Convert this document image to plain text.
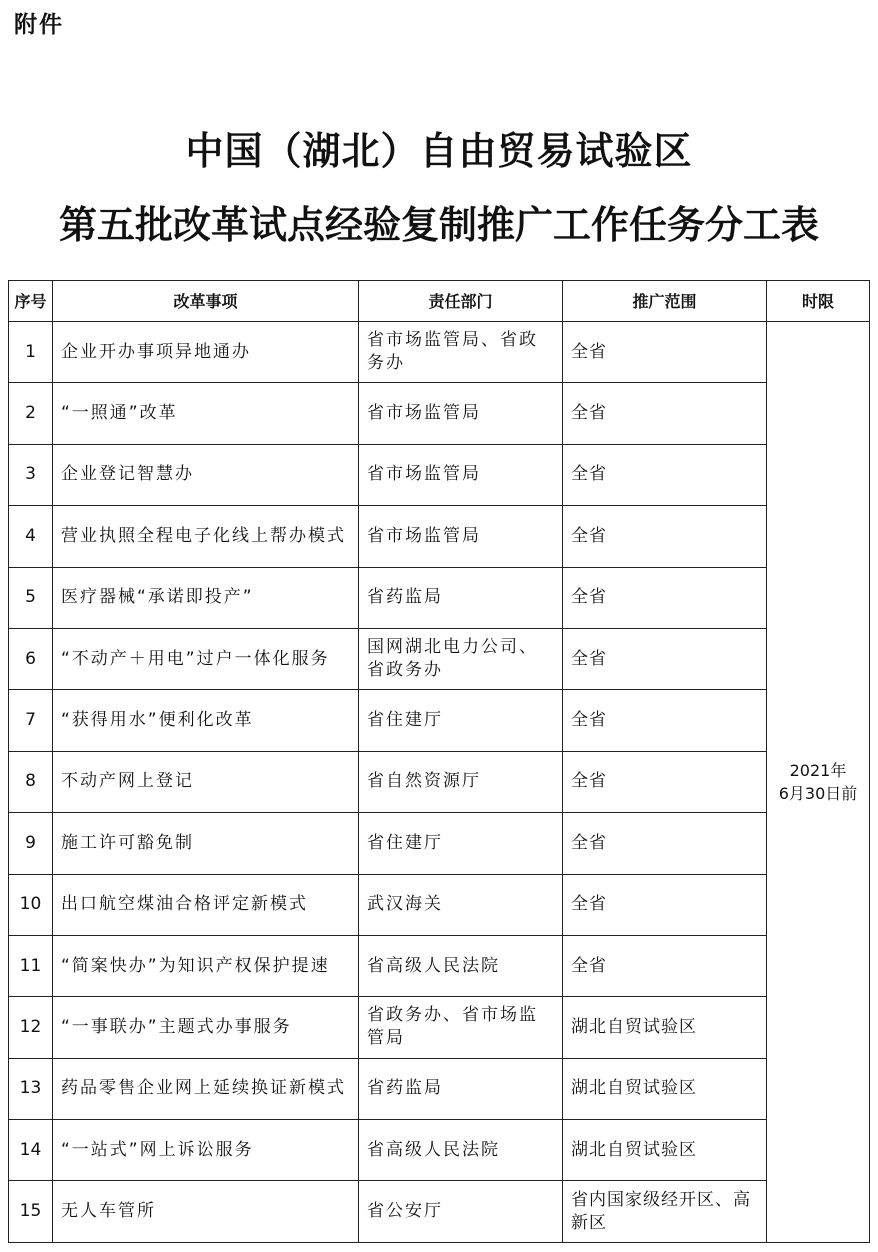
附件
中国（湖北）自由贸易试验区
第五批改革试点经验复制推广工作任务分工表
序号	改革事项	责任部门	推广范围	时限
1	企业开办事项异地通办	省市场监管局、省政务办	全省	2021年
6月30日前

2	“一照通”改革	省市场监管局	全省	
3	企业登记智慧办	省市场监管局	全省	
4	营业执照全程电子化线上帮办模式	省市场监管局	全省	
5	医疗器械“承诺即投产”	省药监局	全省	
6	“不动产＋用电”过户一体化服务	国网湖北电力公司、省政务办	全省	
7	“获得用水”便利化改革	省住建厅	全省	
8	不动产网上登记	省自然资源厅	全省	
9	施工许可豁免制	省住建厅	全省	
10	出口航空煤油合格评定新模式	武汉海关	全省	
11	“简案快办”为知识产权保护提速	省高级人民法院	全省	
12	“一事联办”主题式办事服务	省政务办、省市场监管局	湖北自贸试验区	
13	药品零售企业网上延续换证新模式	省药监局	湖北自贸试验区	
14	“一站式”网上诉讼服务	省高级人民法院	湖北自贸试验区	
15	无人车管所	省公安厅	省内国家级经开区、高新区	
